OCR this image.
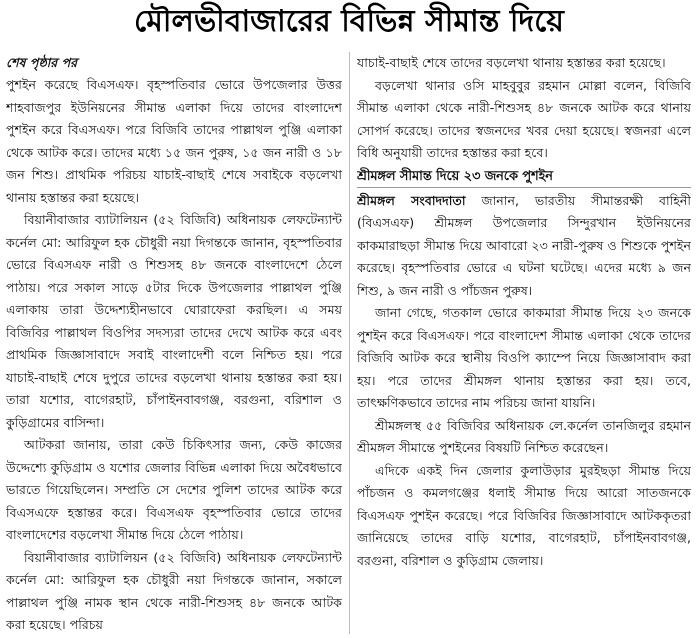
মৌলভীবাজারের বিভিন্ন সীমান্ত দিয়ে
শেষ পৃষ্ঠার পর

পুশইন করেছে বিএসএফ। বৃহস্পতিবার ভোরে উপজেলার উত্তর শাহবাজপুর ইউনিয়নের সীমান্ত এলাকা দিয়ে তাদের বাংলাদেশ পুশইন করে বিএসএফ। পরে বিজিবি তাদের পাল্লাথল পুঞ্জি এলাকা থেকে আটক করে। তাদের মধ্যে ১৫ জন পুরুষ, ১৫ জন নারী ও ১৮ জন শিশু। প্রাথমিক পরিচয় যাচাই-বাছাই শেষে সবাইকে বড়লেখা থানায় হস্তান্তর করা হয়েছে।

বিয়ানীবাজার ব্যাটালিয়ন (৫২ বিজিবি) অধিনায়ক লেফটেন্যান্ট কর্নেল মো: আরিফুল হক চৌধুরী নয়া দিগন্তকে জানান, বৃহস্পতিবার ভোরে বিএসএফ নারী ও শিশুসহ ৪৮ জনকে বাংলাদেশে ঠেলে পাঠায়। পরে সকাল সাড়ে ৫টার দিকে উপজেলার পাল্লাথল পুঞ্জি এলাকায় তারা উদ্দেশ্যহীনভাবে ঘোরাফেরা করছিল। এ সময় বিজিবির পাল্লাথল বিওপির সদস্যরা তাদের দেখে আটক করে এবং প্রাথমিক জিজ্ঞাসাবাদে সবাই বাংলাদেশী বলে নিশ্চিত হয়। পরে যাচাই-বাছাই শেষে দুপুরে তাদের বড়লেখা থানায় হস্তান্তর করা হয়। তারা যশোর, বাগেরহাট, চাঁপাইনবাবগঞ্জ, বরগুনা, বরিশাল ও কুড়িগ্রামের বাসিন্দা।

আটকরা জানায়, তারা কেউ চিকিৎসার জন্য, কেউ কাজের উদ্দেশ্যে কুড়িগ্রাম ও যশোর জেলার বিভিন্ন এলাকা দিয়ে অবৈধভাবে ভারতে গিয়েছিলেন। সম্প্রতি সে দেশের পুলিশ তাদের আটক করে বিএসএফে হস্তান্তর করে। বিএসএফ বৃহস্পতিবার ভোরে তাদের বাংলাদেশের বড়লেখা সীমান্ত দিয়ে ঠেলে পাঠায়।

বিয়ানীবাজার ব্যাটালিয়ন (৫২ বিজিবি) অধিনায়ক লেফটেন্যান্ট কর্নেল মো: আরিফুল হক চৌধুরী নয়া দিগন্তকে জানান, সকালে পাল্লাথল পুঞ্জি নামক স্থান থেকে নারী-শিশুসহ ৪৮ জনকে আটক করা হয়েছে। পরিচয়

যাচাই-বাছাই শেষে তাদের বড়লেখা থানায় হস্তান্তর করা হয়েছে।

বড়লেখা থানার ওসি মাহবুবুর রহমান মোল্লা বলেন, বিজিবি সীমান্ত এলাকা থেকে নারী-শিশুসহ ৪৮ জনকে আটক করে থানায় সোপর্দ করেছে। তাদের স্বজনদের খবর দেয়া হয়েছে। স্বজনরা এলে বিধি অনুযায়ী তাদের হস্তান্তর করা হবে।

শ্রীমঙ্গল সীমান্ত দিয়ে ২৩ জনকে পুশইন

শ্রীমঙ্গল সংবাদদাতা জানান, ভারতীয় সীমান্তরক্ষী বাহিনী (বিএসএফ) শ্রীমঙ্গল উপজেলার সিন্দুরখান ইউনিয়নের কাকমারাছড়া সীমান্ত দিয়ে আবারো ২৩ নারী-পুরুষ ও শিশুকে পুশইন করেছে। বৃহস্পতিবার ভোরে এ ঘটনা ঘটেছে। এদের মধ্যে ৯ জন শিশু, ৯ জন নারী ও পাঁচজন পুরুষ।

জানা গেছে, গতকাল ভোরে কাকমারা সীমান্ত দিয়ে ২৩ জনকে পুশইন করে বিএসএফ। পরে বাংলাদেশ সীমান্ত এলাকা থেকে তাদের বিজিবি আটক করে স্থানীয় বিওপি ক্যাম্পে নিয়ে জিজ্ঞাসাবাদ করা হয়। পরে তাদের শ্রীমঙ্গল থানায় হস্তান্তর করা হয়। তবে, তাৎক্ষণিকভাবে তাদের নাম পরিচয় জানা যায়নি।

শ্রীমঙ্গলস্থ ৫৫ বিজিবির অধিনায়ক লে.কর্নেল তানজিলুর রহমান শ্রীমঙ্গল সীমান্তে পুশইনের বিষয়টি নিশ্চিত করেছেন।

এদিকে একই দিন জেলার কুলাউড়ার মুরইছড়া সীমান্ত দিয়ে পাঁচজন ও কমলগঞ্জের ধলাই সীমান্ত দিয়ে আরো সাতজনকে বিএসএফ পুশইন করেছে। পরে বিজিবির জিজ্ঞাসাবাদে আটককৃতরা জানিয়েছে তাদের বাড়ি যশোর, বাগেরহাট, চাঁপাইনবাবগঞ্জ, বরগুনা, বরিশাল ও কুড়িগ্রাম জেলায়।
